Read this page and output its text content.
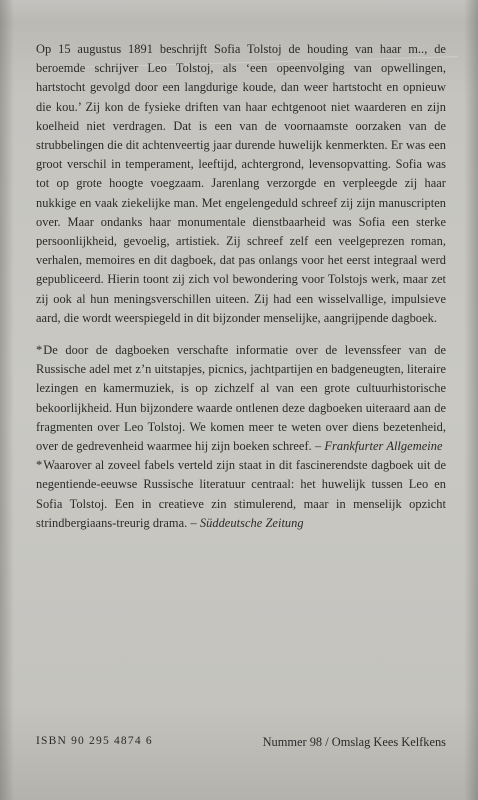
Op 15 augustus 1891 beschrijft Sofia Tolstoj de houding van haar m.., de beroemde schrijver Leo Tolstoj, als ‘een opeenvolging van opwellingen, hartstocht gevolgd door een langdurige koude, dan weer hartstocht en opnieuw die kou.’ Zij kon de fysieke driften van haar echtgenoot niet waarderen en zijn koelheid niet verdragen. Dat is een van de voornaamste oorzaken van de strubbelingen die dit achtenveertig jaar durende huwelijk kenmerkten. Er was een groot verschil in temperament, leeftijd, achtergrond, levensopvatting. Sofia was tot op grote hoogte voegzaam. Jarenlang verzorgde en verpleegde zij haar nukkige en vaak ziekelijke man. Met engelengeduld schreef zij zijn manuscripten over. Maar ondanks haar monumentale dienstbaarheid was Sofia een sterke persoonlijkheid, gevoelig, artistiek. Zij schreef zelf een veelgeprezen roman, verhalen, memoires en dit dagboek, dat pas onlangs voor het eerst integraal werd gepubliceerd. Hierin toont zij zich vol bewondering voor Tolstojs werk, maar zet zij ook al hun meningsverschillen uiteen. Zij had een wisselvallige, impulsieve aard, die wordt weerspiegeld in dit bijzonder menselijke, aangrijpende dagboek.

*De door de dagboeken verschafte informatie over de levenssfeer van de Russische adel met z’n uitstapjes, picnics, jachtpartijen en badgeneugten, literaire lezingen en kamermuziek, is op zichzelf al van een grote cultuurhistorische bekoorlijkheid. Hun bijzondere waarde ontlenen deze dagboeken uiteraard aan de fragmenten over Leo Tolstoj. We komen meer te weten over diens bezetenheid, over de gedrevenheid waarmee hij zijn boeken schreef. – Frankfurter Allgemeine

*Waarover al zoveel fabels verteld zijn staat in dit fascinerendste dagboek uit de negentiende-eeuwse Russische literatuur centraal: het huwelijk tussen Leo en Sofia Tolstoj. Een in creatieve zin stimulerend, maar in menselijk opzicht strindbergiaans-treurig drama. – Süddeutsche Zeitung

ISBN 90 295 4874 6	Nummer 98 / Omslag Kees Kelfkens
